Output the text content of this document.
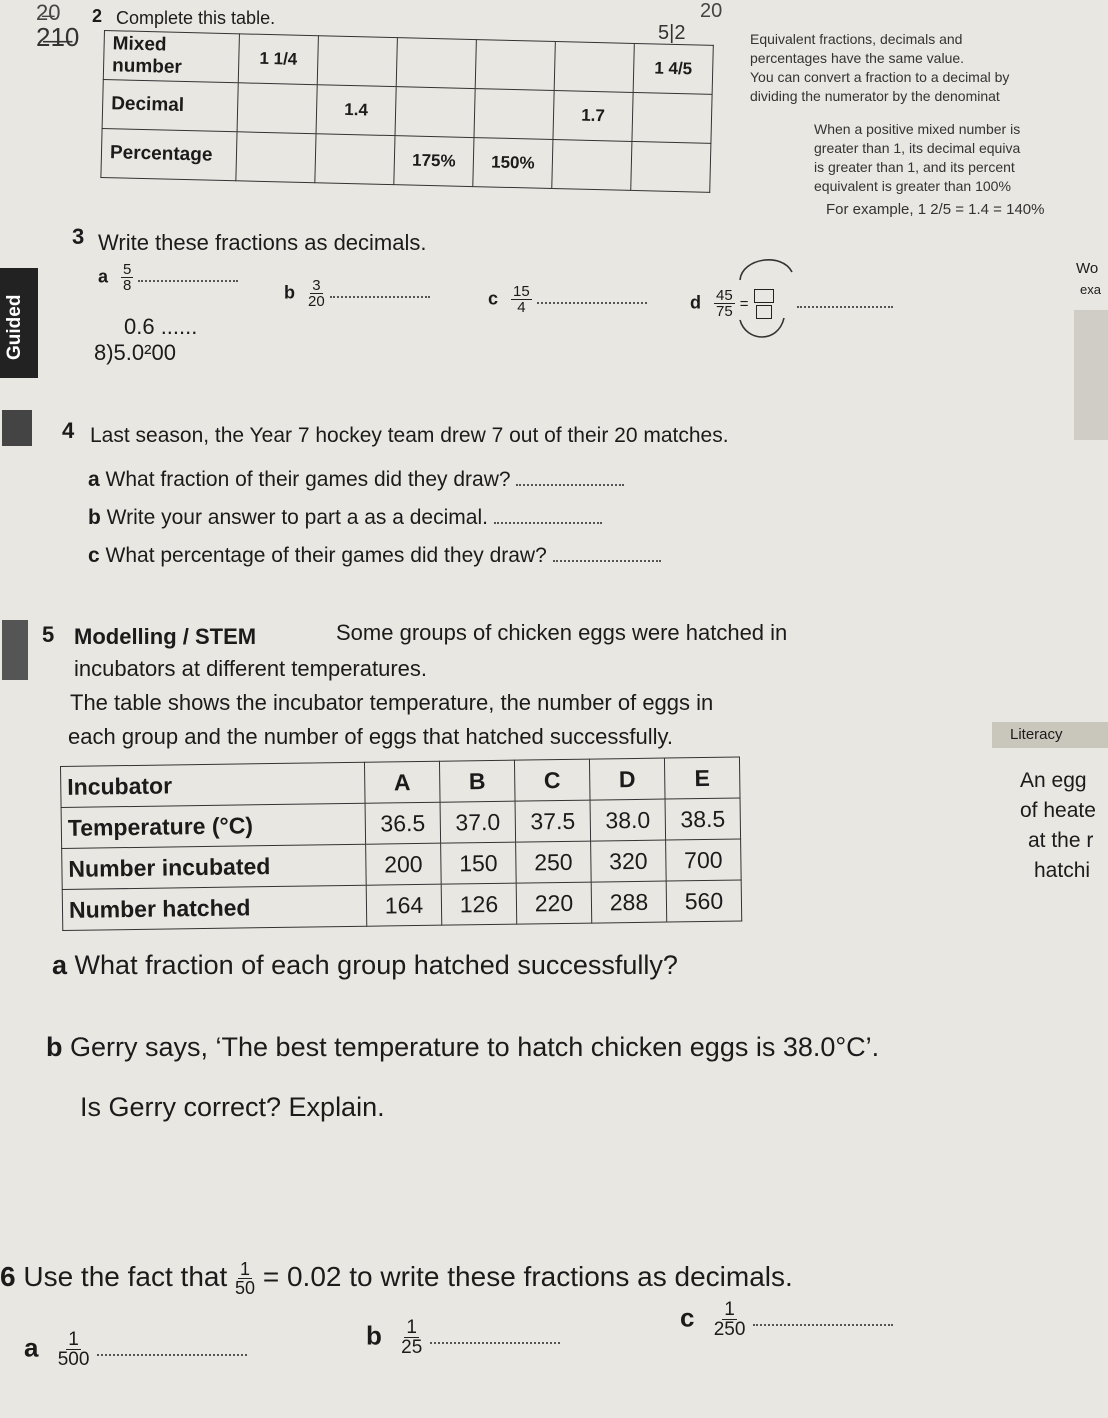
2̶0	20
2̶1̶0
2 Complete this table.
5|2
Mixed number	1 1/4					1 4/5
Decimal		1.4			1.7	
Percentage			175%	150%		
Equivalent fractions, decimals and
percentages have the same value.
You can convert a fraction to a decimal by
dividing the numerator by the denominat
When a positive mixed number is
greater than 1, its decimal equiva
is greater than 1, and its percent
equivalent is greater than 100%
For example, 1 2/5 = 1.4 = 140%
3 Write these fractions as decimals.
a $\frac{5}{8}$
	b $\frac{3}{20}$
	c $\frac{15}{4}$
	d $\frac{45}{75}$ =

0.6 ......
8)5.0²00
Guided
Wo
exa
4 Last season, the Year 7 hockey team drew 7 out of their 20 matches.
a What fraction of their games did they draw?
b Write your answer to part a as a decimal.
c What percentage of their games did they draw?
5 Modelling / STEM	Some groups of chicken eggs were hatched in
incubators at different temperatures.
The table shows the incubator temperature, the number of eggs in
each group and the number of eggs that hatched successfully.
Incubator	A	B	C	D	E
Temperature (°C)	36.5	37.0	37.5	38.0	38.5
Number incubated	200	150	250	320	700
Number hatched	164	126	220	288	560
Literacy
An egg
of heate
at the r
hatchi
a What fraction of each group hatched successfully?
b Gerry says, ‘The best temperature to hatch chicken eggs is 38.0°C’.
Is Gerry correct? Explain.
6 Use the fact that $\frac{1}{50} = 0.02$ to write these fractions as decimals.
a $\frac{1}{500}$
	b $\frac{1}{25}$

c $\frac{1}{250}$
